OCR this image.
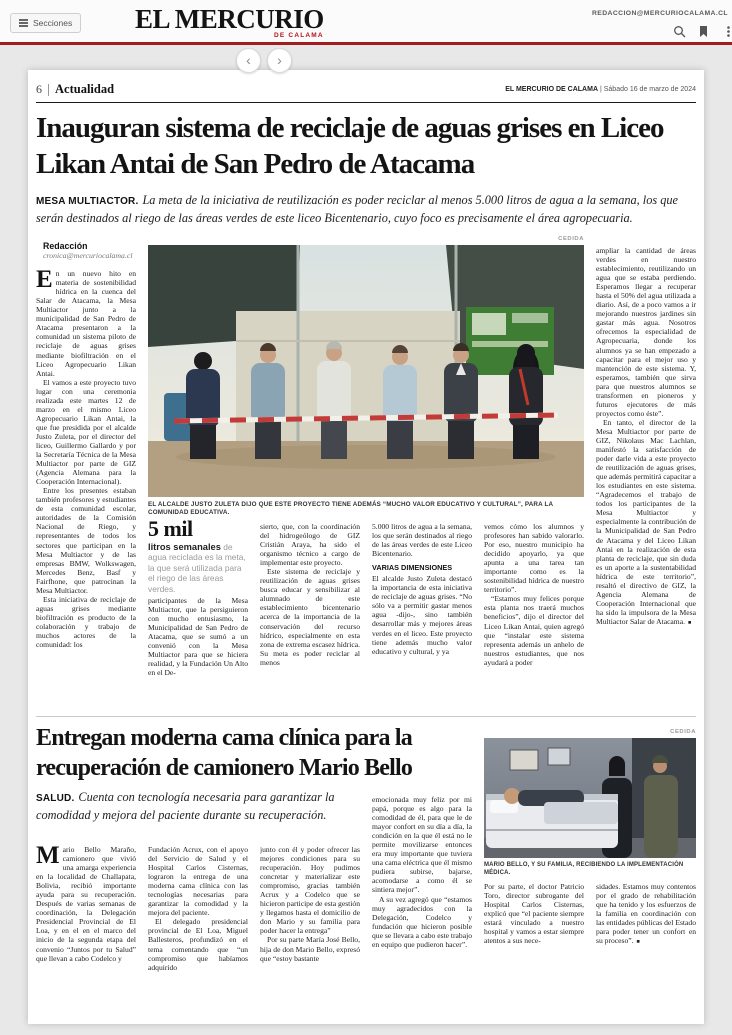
Secciones EL MERCURIO
DE CALAMA
REDACCION@MERCURIOCALAMA.CL
‹	›
6 Actualidad	EL MERCURIO DE CALAMA | Sábado 16 de marzo de 2024
Inauguran sistema de reciclaje de aguas grises en Liceo Likan Antai de San Pedro de Atacama
MESA MULTIACTOR. La meta de la iniciativa de reutilización es poder reciclar al menos 5.000 litros de agua a la semana, los que serán destinados al riego de las áreas verdes de este liceo Bicentenario, cuyo foco es precisamente el área agropecuaria.
CEDIDA
EL ALCALDE JUSTO ZULETA DIJO QUE ESTE PROYECTO TIENE ADEMÁS “MUCHO VALOR EDUCATIVO Y CULTURAL”, PARA LA COMUNIDAD EDUCATIVA.
5 mil
litros semanales de agua reciclada es la meta, la que será utilizada para el riego de las áreas verdes.

Redacción

cronica@mercuriocalama.cl

En un nuevo hito en materia de sostenibilidad hídrica en la cuenca del Salar de Atacama, la Mesa Multiactor junto a la municipalidad de San Pedro de Atacama presentaron a la comunidad un sistema piloto de reciclaje de aguas grises mediante biofiltración en el Liceo Agropecuario Likan Antai.

El vamos a este proyecto tuvo lugar con una ceremonia realizada este martes 12 de marzo en el mismo Liceo Agropecuario Likan Antai, la que fue presidida por el alcalde Justo Zuleta, por el director del liceo, Guillermo Gallardo y por la Secretaría Técnica de la Mesa Multiactor por parte de GIZ (Agencia Alemana para la Cooperación Internacional).

Entre los presentes estaban también profesores y estudiantes de esta comunidad escolar, autoridades de la Comisión Nacional de Riego, y representantes de todos los sectores que participan en la Mesa Multiactor y de las empresas BMW, Wolkswagen, Mercedes Benz, Basf y Fairfhone, que patrocinan la Mesa Multiactor.

Esta iniciativa de reciclaje de aguas grises mediante biofiltración es producto de la colaboración y trabajo de muchos actores de la comunidad: los

participantes de la Mesa Multiactor, que la persiguieron con mucho entusiasmo, la Municipalidad de San Pedro de Atacama, que se sumó a un convenió con la Mesa Multiactor para que se hiciera realidad, y la Fundación Un Alto en el De-

sierto, que, con la coordinación del hidrogeólogo de GIZ Cristián Araya, ha sido el organismo técnico a cargo de implementar este proyecto.

Este sistema de reciclaje y reutilización de aguas grises busca educar y sensibilizar al alumnado de este establecimiento bicentenario acerca de la importancia de la conservación del recurso hídrico, especialmente en esta zona de extrema escasez hídrica. Su meta es poder reciclar al menos

5.000 litros de agua a la semana, los que serán destinados al riego de las áreas verdes de este Liceo Bicentenario.

VARIAS DIMENSIONES

El alcalde Justo Zuleta destacó la importancia de esta iniciativa de reciclaje de aguas grises. “No sólo va a permitir gastar menos agua -dijo-, sino también desarrollar más y mejores áreas verdes en el liceo. Este proyecto tiene además mucho valor educativo y cultural, y ya

vemos cómo los alumnos y profesores han sabido valorarlo. Por eso, nuestro municipio ha decidido apoyarlo, ya que apunta a una tarea tan importante como es la sostenibilidad hídrica de nuestro territorio”.

“Estamos muy felices porque esta planta nos traerá muchos beneficios”, dijo el director del Liceo Likan Antai, quien agregó que “instalar este sistema representa además un anhelo de nuestros estudiantes, que nos ayudará a poder

ampliar la cantidad de áreas verdes en nuestro establecimiento, reutilizando un agua que se estaba perdiendo. Esperamos llegar a recuperar hasta el 50% del agua utilizada a diario. Así, de a poco vamos a ir mejorando nuestros jardines sin gastar más agua. Nosotros ofrecemos la especialidad de Agropecuaria, donde los alumnos ya se han empezado a capacitar para el mejor uso y mantención de este sistema. Y, esperamos, también que sirva para que nuestros alumnos se transformen en pioneros y futuros ejecutores de más proyectos como éste”.

En tanto, el director de la Mesa Multiactor por parte de GIZ, Nikolaus Mac Lachlan, manifestó la satisfacción de poder darle vida a este proyecto de reutilización de aguas grises, que además permitirá capacitar a los estudiantes en este sistema. “Agradecemos el trabajo de todos los participantes de la Mesa Multiactor y especialmente la contribución de la Municipalidad de San Pedro de Atacama y del Liceo Likan Antai en la realización de esta planta de reciclaje, que sin duda es un aporte a la sustentabilidad hídrica de este territorio”, resaltó el directivo de GIZ, la Agencia Alemana de Cooperación Internacional que ha sido la impulsora de la Mesa Multiactor Salar de Atacama. ■

Entregan moderna cama clínica para la recuperación de camionero Mario Bello
SALUD. Cuenta con tecnología necesaria para garantizar la comodidad y mejora del paciente durante su recuperación.
CEDIDA
MARIO BELLO, Y SU FAMILIA, RECIBIENDO LA IMPLEMENTACIÓN MÉDICA.

Mario Bello Maraño, camionero que vivió una amarga experiencia en la localidad de Challapata, Bolivia, recibió importante ayuda para su recuperación. Después de varias semanas de coordinación, la Delegación Presidencial Provincial de El Loa, y en el en el marco del inicio de la segunda etapa del convenio “Juntos por tu Salud” que llevan a cabo Codelco y

Fundación Acrux, con el apoyo del Servicio de Salud y el Hospital Carlos Cisternas, lograron la entrega de una moderna cama clínica con las tecnologías necesarias para garantizar la comodidad y la mejora del paciente.

El delegado presidencial provincial de El Loa, Miguel Ballesteros, profundizó en el tema comentando que “un compromiso que habíamos adquirido

junto con él y poder ofrecer las mejores condiciones para su recuperación. Hoy pudimos concretar y materializar este compromiso, gracias también Acrux y a Codelco que se hicieron participe de esta gestión y llegamos hasta el domicilio de don Mario y su familia para poder hacer la entrega”

Por su parte María José Bello, hija de don Mario Bello, expresó que “estoy bastante

emocionada muy feliz por mi papá, porque es algo para la comodidad de él, para que le de mayor confort en su día a día, la condición en la que él está no le permite movilizarse entonces era muy importante que tuviera una cama eléctrica que él mismo pudiera subirse, bajarse, acomodarse a como él se sintiera mejor”.

A su vez agregó que “estamos muy agradecidos con la Delegación, Codelco y fundación que hicieron posible que se llevara a cabo este trabajo en equipo que pudieron hacer”.

Por su parte, el doctor Patricio Toro, director subrogante del Hospital Carlos Cisternas, explicó que “el paciente siempre estará vinculado a nuestro hospital y vamos a estar siempre atentos a sus nece-

sidades. Estamos muy contentos por el grado de rehabilitación que ha tenido y los esfuerzos de la familia en coordinación con las entidades públicas del Estado para poder tener un confort en su proceso”. ■
